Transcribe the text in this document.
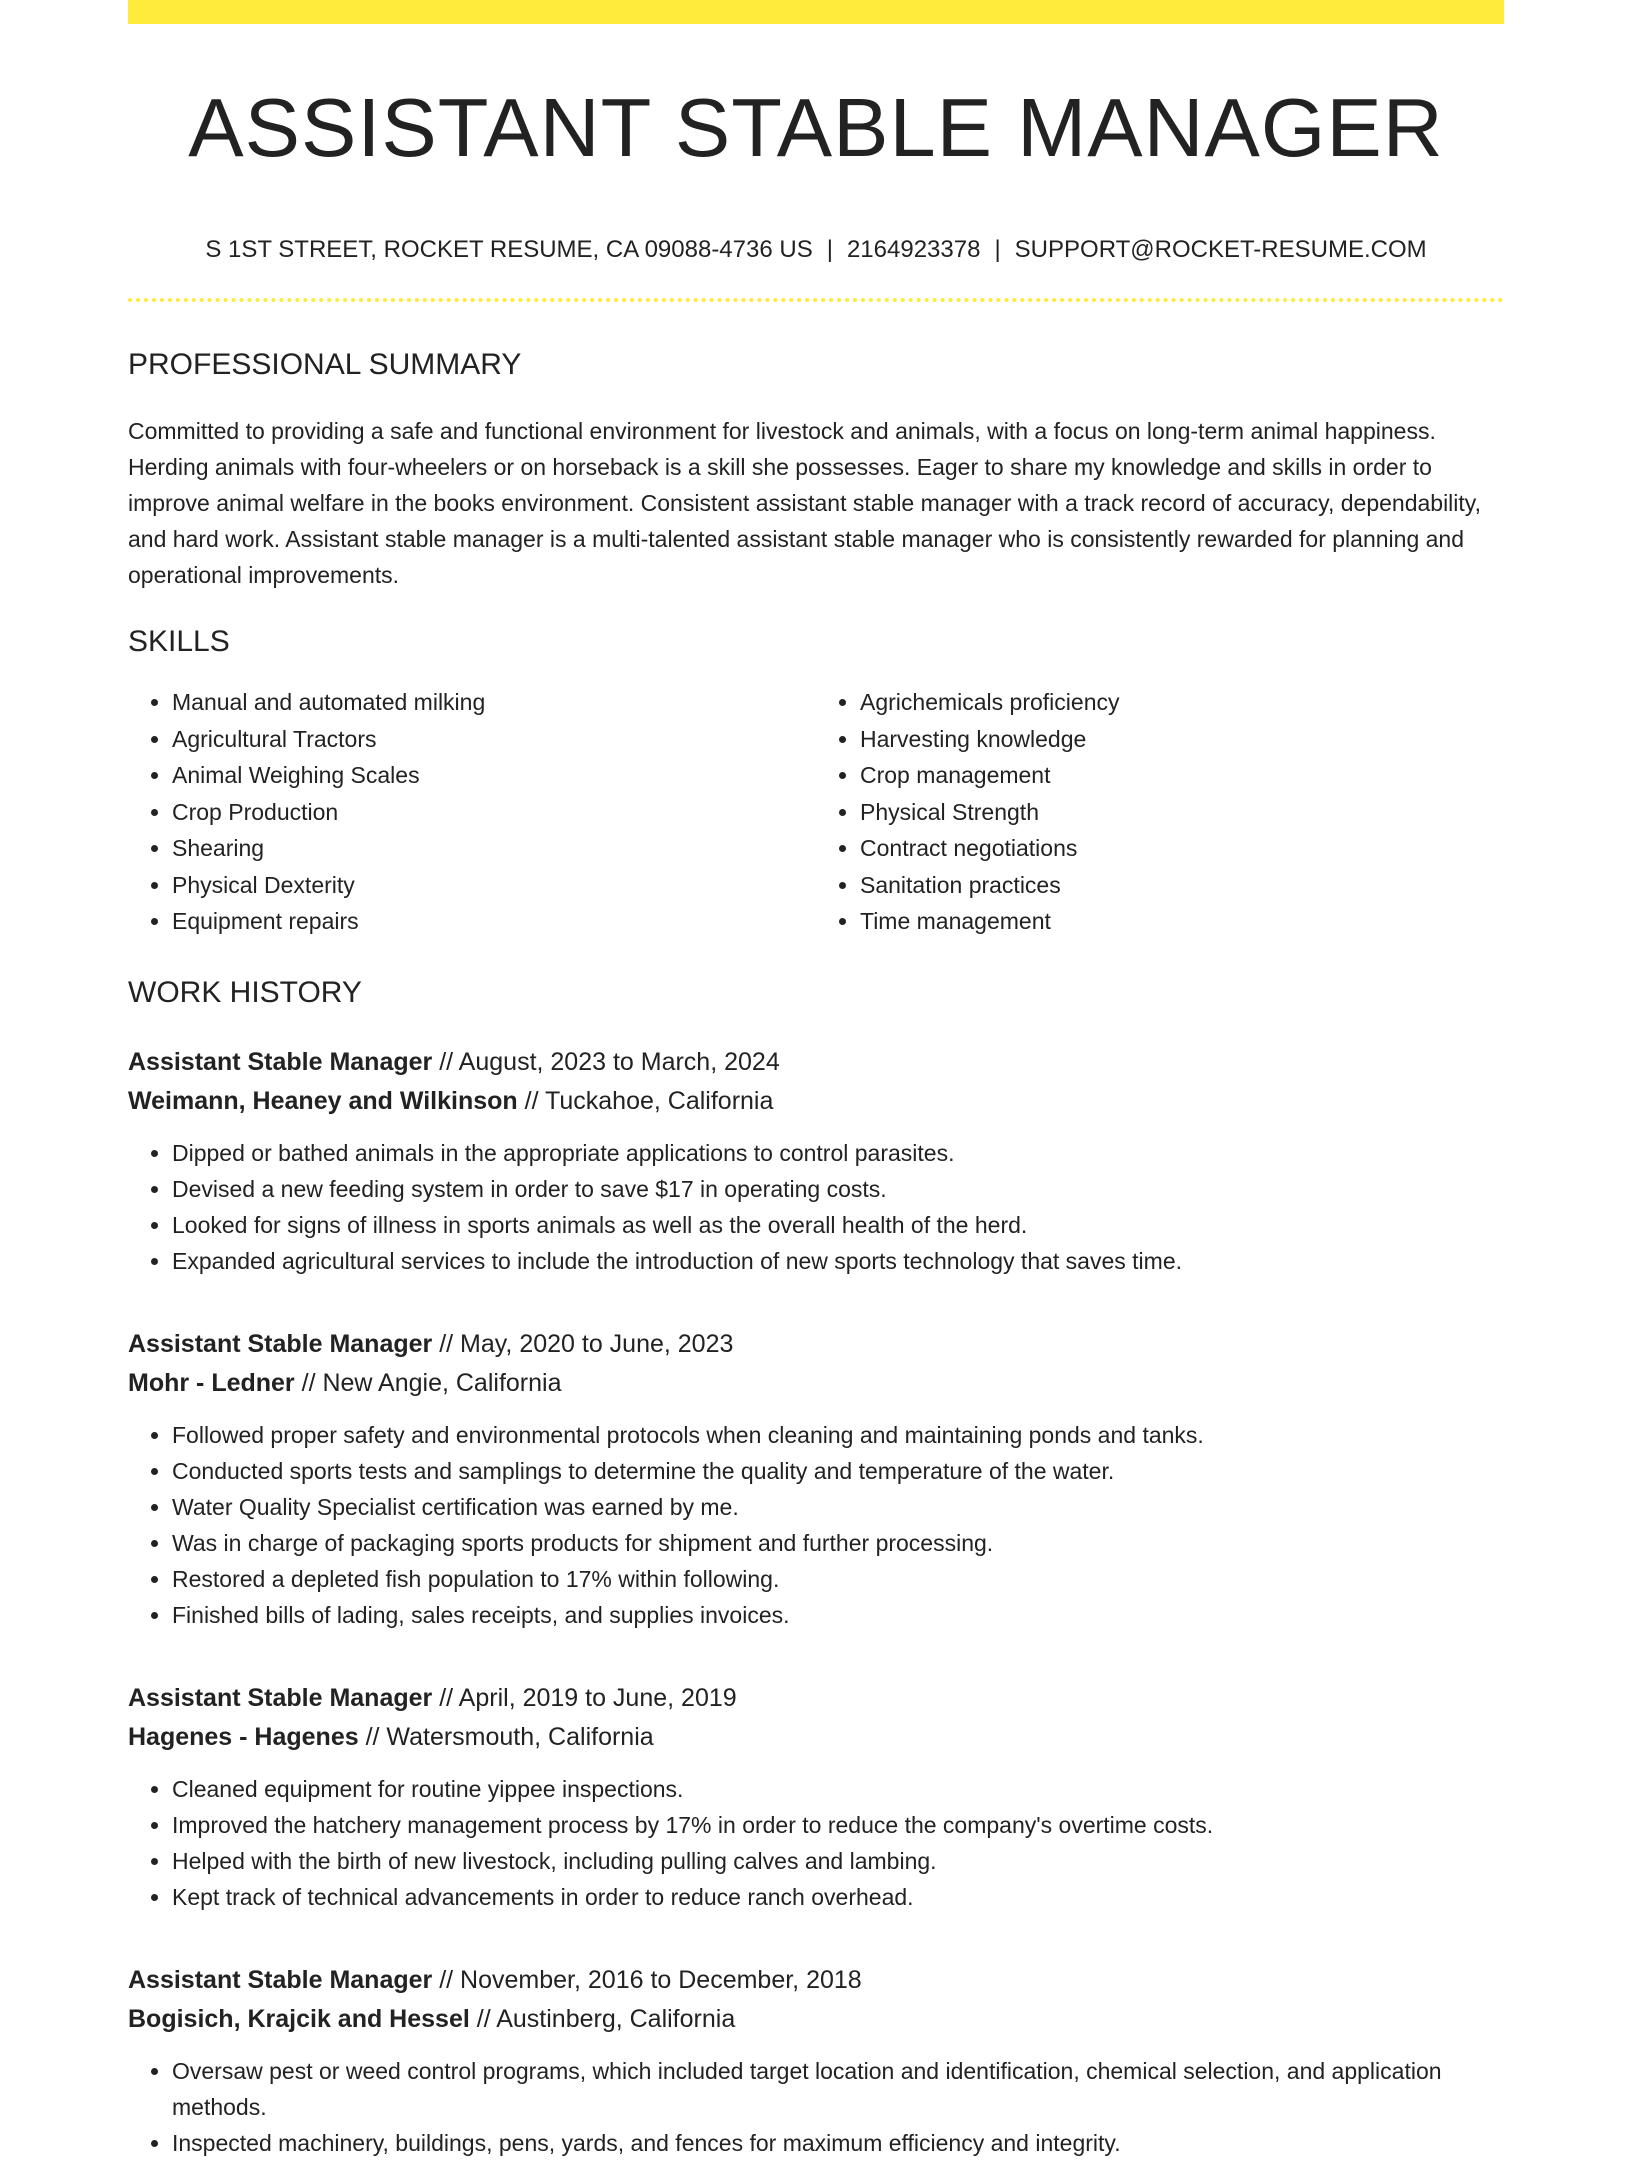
ASSISTANT STABLE MANAGER
S 1ST STREET, ROCKET RESUME, CA 09088-4736 US | 2164923378 | SUPPORT@ROCKET-RESUME.COM
PROFESSIONAL SUMMARY

Committed to providing a safe and functional environment for livestock and animals, with a focus on long-term animal happiness. Herding animals with four-wheelers or on horseback is a skill she possesses. Eager to share my knowledge and skills in order to improve animal welfare in the books environment. Consistent assistant stable manager with a track record of accuracy, dependability, and hard work. Assistant stable manager is a multi-talented assistant stable manager who is consistently rewarded for planning and operational improvements.

SKILLS
• Manual and automated milking
• Agricultural Tractors
• Animal Weighing Scales
• Crop Production
• Shearing
• Physical Dexterity
• Equipment repairs
• Agrichemicals proficiency
• Harvesting knowledge
• Crop management
• Physical Strength
• Contract negotiations
• Sanitation practices
• Time management
WORK HISTORY
Assistant Stable Manager // August, 2023 to March, 2024
Weimann, Heaney and Wilkinson // Tuckahoe, California
• Dipped or bathed animals in the appropriate applications to control parasites.
• Devised a new feeding system in order to save $17 in operating costs.
• Looked for signs of illness in sports animals as well as the overall health of the herd.
• Expanded agricultural services to include the introduction of new sports technology that saves time.
Assistant Stable Manager // May, 2020 to June, 2023
Mohr - Ledner // New Angie, California
• Followed proper safety and environmental protocols when cleaning and maintaining ponds and tanks.
• Conducted sports tests and samplings to determine the quality and temperature of the water.
• Water Quality Specialist certification was earned by me.
• Was in charge of packaging sports products for shipment and further processing.
• Restored a depleted fish population to 17% within following.
• Finished bills of lading, sales receipts, and supplies invoices.
Assistant Stable Manager // April, 2019 to June, 2019
Hagenes - Hagenes // Watersmouth, California
• Cleaned equipment for routine yippee inspections.
• Improved the hatchery management process by 17% in order to reduce the company's overtime costs.
• Helped with the birth of new livestock, including pulling calves and lambing.
• Kept track of technical advancements in order to reduce ranch overhead.
Assistant Stable Manager // November, 2016 to December, 2018
Bogisich, Krajcik and Hessel // Austinberg, California
• Oversaw pest or weed control programs, which included target location and identification, chemical selection, and application methods.
• Inspected machinery, buildings, pens, yards, and fences for maximum efficiency and integrity.
